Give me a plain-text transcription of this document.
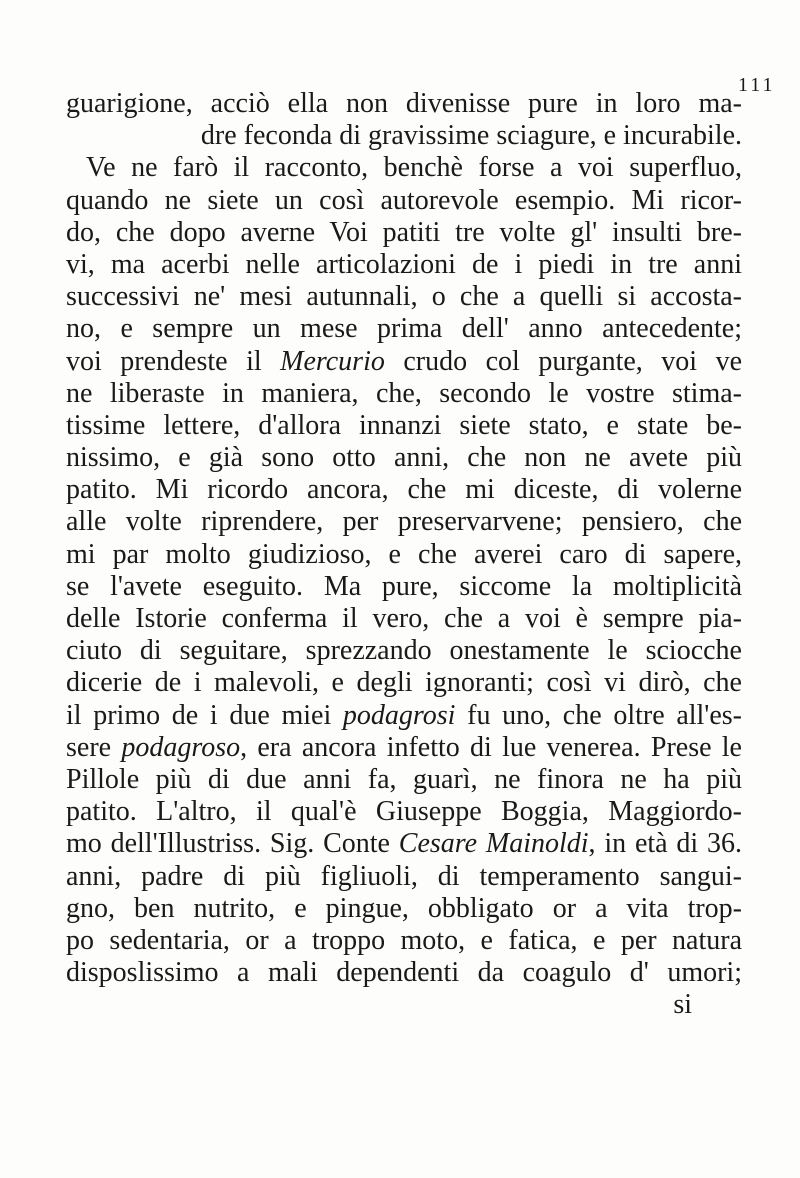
111
guarigione, acciò ella non divenisse pure in loro ma-
dre feconda di gravissime sciagure, e incurabile.
Ve ne farò il racconto, benchè forse a voi superfluo,
quando ne siete un così autorevole esempio. Mi ricor-
do, che dopo averne Voi patiti tre volte gl' insulti bre-
vi, ma acerbi nelle articolazioni de i piedi in tre anni
successivi ne' mesi autunnali, o che a quelli si accosta-
no, e sempre un mese prima dell' anno antecedente;
voi prendeste il Mercurio crudo col purgante, voi ve
ne liberaste in maniera, che, secondo le vostre stima-
tissime lettere, d'allora innanzi siete stato, e state be-
nissimo, e già sono otto anni, che non ne avete più
patito. Mi ricordo ancora, che mi diceste, di volerne
alle volte riprendere, per preservarvene; pensiero, che
mi par molto giudizioso, e che averei caro di sapere,
se l'avete eseguito. Ma pure, siccome la moltiplicità
delle Istorie conferma il vero, che a voi è sempre pia-
ciuto di seguitare, sprezzando onestamente le sciocche
dicerie de i malevoli, e degli ignoranti; così vi dirò, che
il primo de i due miei podagrosi fu uno, che oltre all'es-
sere podagroso, era ancora infetto di lue venerea. Prese le
Pillole più di due anni fa, guarì, ne finora ne ha più
patito. L'altro, il qual'è Giuseppe Boggia, Maggiordo-
mo dell'Illustriss. Sig. Conte Cesare Mainoldi, in età di 36.
anni, padre di più figliuoli, di temperamento sangui-
gno, ben nutrito, e pingue, obbligato or a vita trop-
po sedentaria, or a troppo moto, e fatica, e per natura
disposlissimo a mali dependenti da coagulo d' umori;
si
